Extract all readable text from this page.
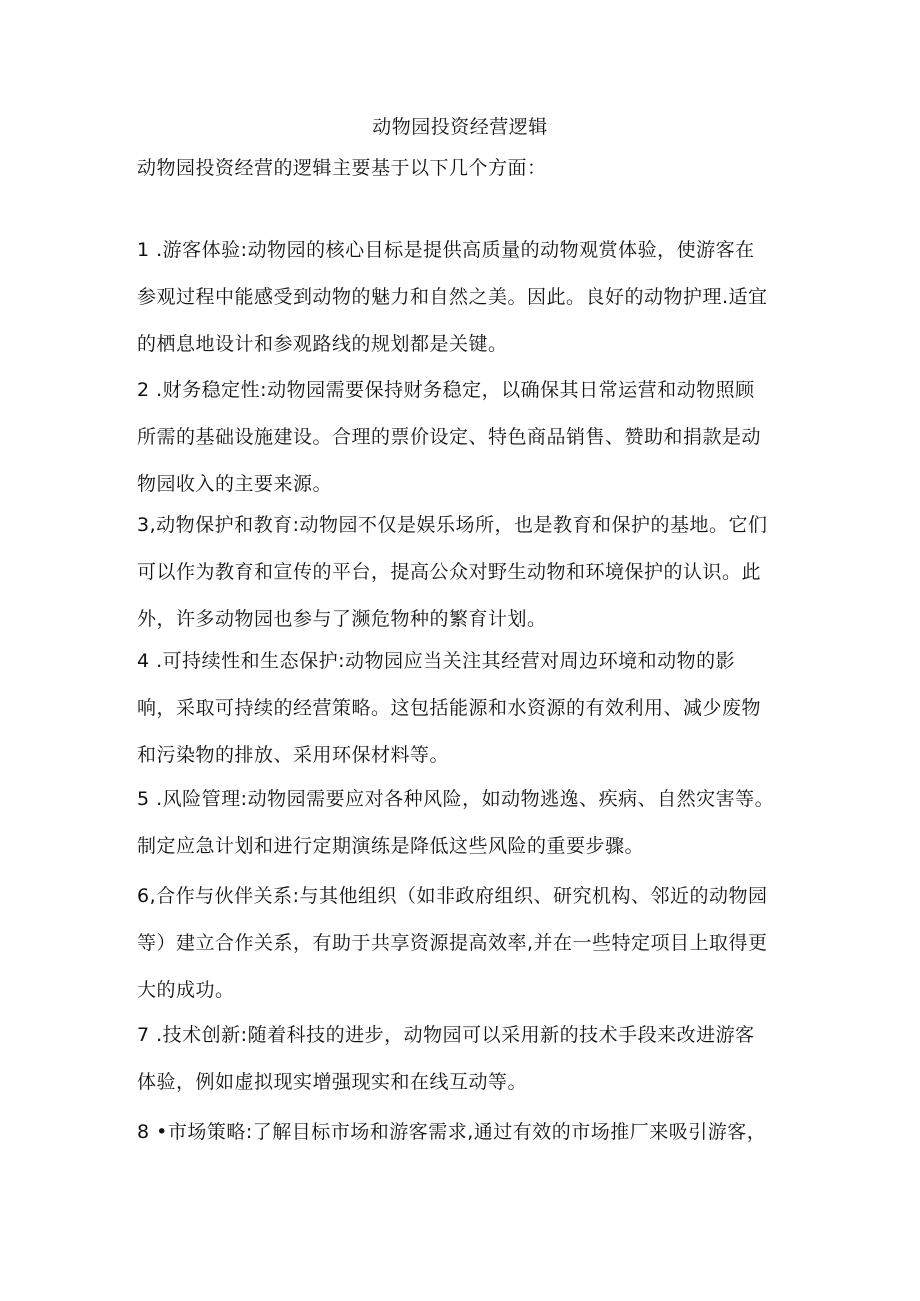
动物园投资经营逻辑
动物园投资经营的逻辑主要基于以下几个方面：
1 .游客体验:动物园的核心目标是提供高质量的动物观赏体验，使游客在
参观过程中能感受到动物的魅力和自然之美。因此。良好的动物护理.适宜
的栖息地设计和参观路线的规划都是关键。
2 .财务稳定性:动物园需要保持财务稳定，以确保其日常运营和动物照顾
所需的基础设施建设。合理的票价设定、特色商品销售、赞助和捐款是动
物园收入的主要来源。
3,动物保护和教育:动物园不仅是娱乐场所，也是教育和保护的基地。它们
可以作为教育和宣传的平台，提高公众对野生动物和环境保护的认识。此
外，许多动物园也参与了濒危物种的繁育计划。
4 .可持续性和生态保护:动物园应当关注其经营对周边环境和动物的影
响，采取可持续的经营策略。这包括能源和水资源的有效利用、减少废物
和污染物的排放、采用环保材料等。
5 .风险管理:动物园需要应对各种风险，如动物逃逸、疾病、自然灾害等。
制定应急计划和进行定期演练是降低这些风险的重要步骤。
6,合作与伙伴关系:与其他组织（如非政府组织、研究机构、邻近的动物园
等）建立合作关系，有助于共享资源提高效率,并在一些特定项目上取得更
大的成功。
7 .技术创新:随着科技的进步，动物园可以采用新的技术手段来改进游客
体验，例如虚拟现实增强现实和在线互动等。
8 •市场策略:了解目标市场和游客需求,通过有效的市场推厂来吸引游客，
